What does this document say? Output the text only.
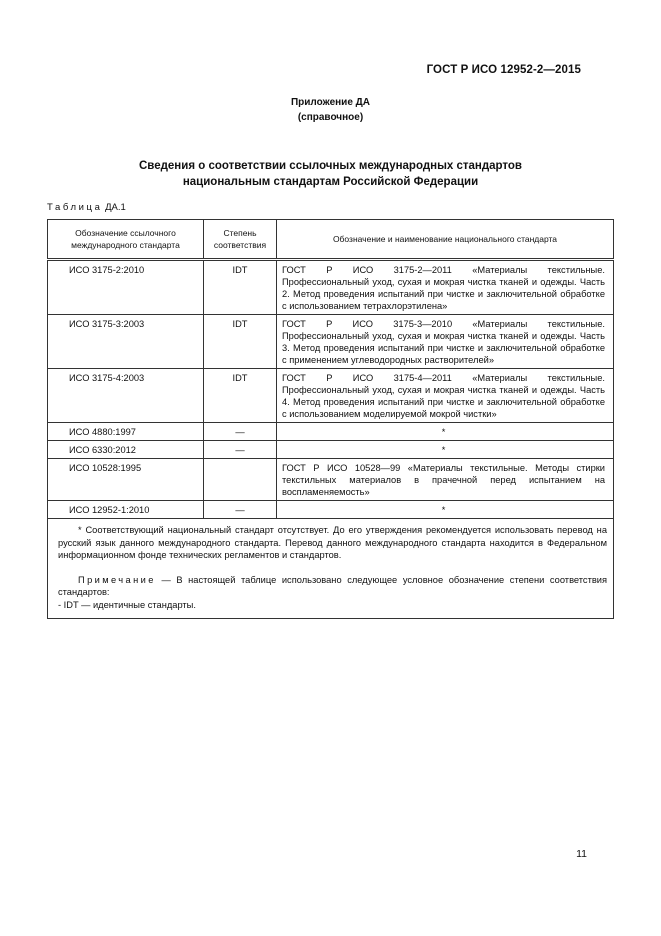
ГОСТ Р ИСО 12952-2—2015
Приложение ДА
(справочное)
Сведения о соответствии ссылочных международных стандартов
национальным стандартам Российской Федерации
Таблица ДА.1
Обозначение ссылочного международного стандарта	Степень соответствия	Обозначение и наименование национального стандарта
ИСО 3175-2:2010	IDT	ГОСТ Р ИСО 3175-2—2011 «Материалы текстильные. Профессиональный уход, сухая и мокрая чистка тканей и одежды. Часть 2. Метод проведения испытаний при чистке и заключительной обработке с использованием тетрахлорэтилена»
ИСО 3175-3:2003	IDT	ГОСТ Р ИСО 3175-3—2010 «Материалы текстильные. Профессиональный уход, сухая и мокрая чистка тканей и одежды. Часть 3. Метод проведения испытаний при чистке и заключительной обработке с применением углеводородных растворителей»
ИСО 3175-4:2003	IDT	ГОСТ Р ИСО 3175-4—2011 «Материалы текстильные. Профессиональный уход, сухая и мокрая чистка тканей и одежды. Часть 4. Метод проведения испытаний при чистке и заключительной обработке с использованием моделируемой мокрой чистки»
ИСО 4880:1997	—	*
ИСО 6330:2012	—	*
ИСО 10528:1995		ГОСТ Р ИСО 10528—99 «Материалы текстильные. Методы стирки текстильных материалов в прачечной перед испытанием на воспламеняемость»
ИСО 12952-1:2010	—	*

* Соответствующий национальный стандарт отсутствует. До его утверждения рекомендуется использовать перевод на русский язык данного международного стандарта. Перевод данного международного стандарта находится в Федеральном информационном фонде технических регламентов и стандартов.

Примечание — В настоящей таблице использовано следующее условное обозначение степени соответствия стандартов:

- IDT — идентичные стандарты.		
11
